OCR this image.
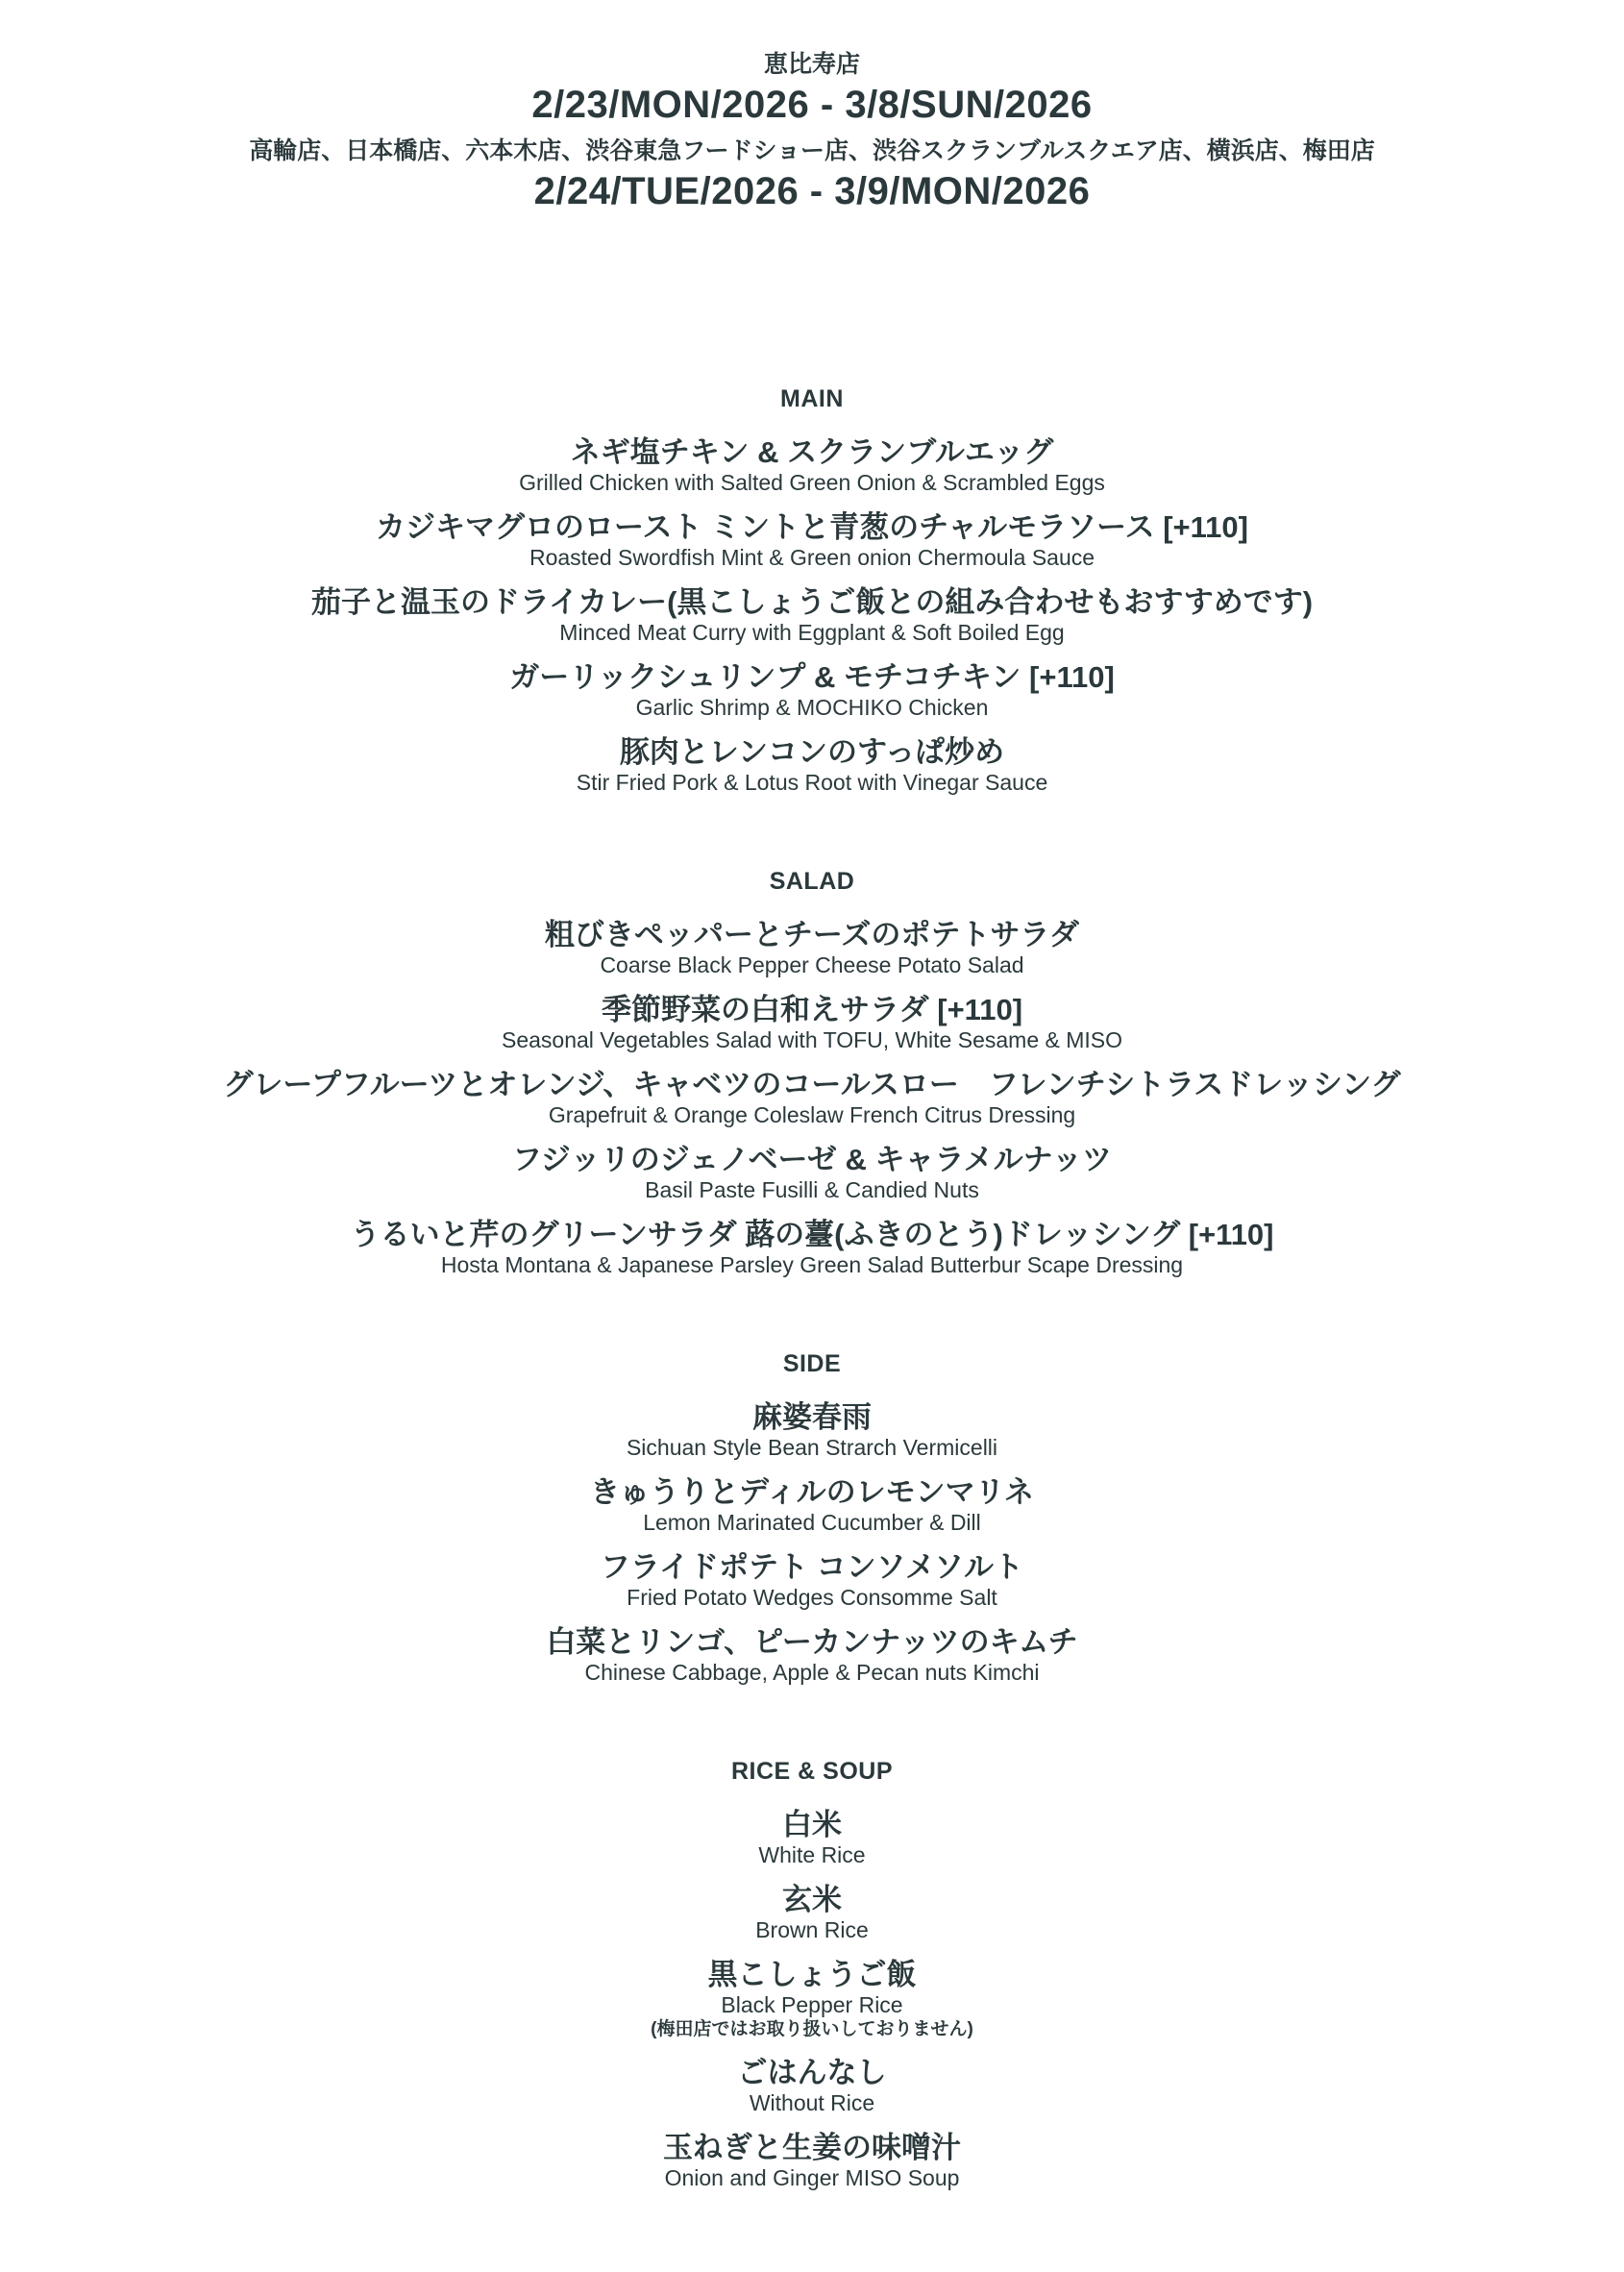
恵比寿店
2/23/MON/2026 - 3/8/SUN/2026
高輪店、日本橋店、六本木店、渋谷東急フードショー店、渋谷スクランブルスクエア店、横浜店、梅田店
2/24/TUE/2026 - 3/9/MON/2026
MAIN
ネギ塩チキン & スクランブルエッグ
Grilled Chicken with Salted Green Onion & Scrambled Eggs
カジキマグロのロースト ミントと青葱のチャルモラソース [+110]
Roasted Swordfish Mint & Green onion Chermoula Sauce
茄子と温玉のドライカレー(黒こしょうご飯との組み合わせもおすすめです)
Minced Meat Curry with Eggplant & Soft Boiled Egg
ガーリックシュリンプ & モチコチキン [+110]
Garlic Shrimp & MOCHIKO Chicken
豚肉とレンコンのすっぱ炒め
Stir Fried Pork & Lotus Root with Vinegar Sauce
SALAD
粗びきペッパーとチーズのポテトサラダ
Coarse Black Pepper Cheese Potato Salad
季節野菜の白和えサラダ [+110]
Seasonal Vegetables Salad with TOFU, White Sesame & MISO
グレープフルーツとオレンジ、キャベツのコールスロー　フレンチシトラスドレッシング
Grapefruit & Orange Coleslaw French Citrus Dressing
フジッリのジェノベーゼ & キャラメルナッツ
Basil Paste Fusilli & Candied Nuts
うるいと芹のグリーンサラダ 蕗の薹(ふきのとう)ドレッシング [+110]
Hosta Montana & Japanese Parsley Green Salad Butterbur Scape Dressing
SIDE
麻婆春雨
Sichuan Style Bean Strarch Vermicelli
きゅうりとディルのレモンマリネ
Lemon Marinated Cucumber & Dill
フライドポテト コンソメソルト
Fried Potato Wedges Consomme Salt
白菜とリンゴ、ピーカンナッツのキムチ
Chinese Cabbage, Apple & Pecan nuts Kimchi
RICE & SOUP
白米
White Rice
玄米
Brown Rice
黒こしょうご飯
Black Pepper Rice
(梅田店ではお取り扱いしておりません)
ごはんなし
Without Rice
玉ねぎと生姜の味噌汁
Onion and Ginger MISO Soup
